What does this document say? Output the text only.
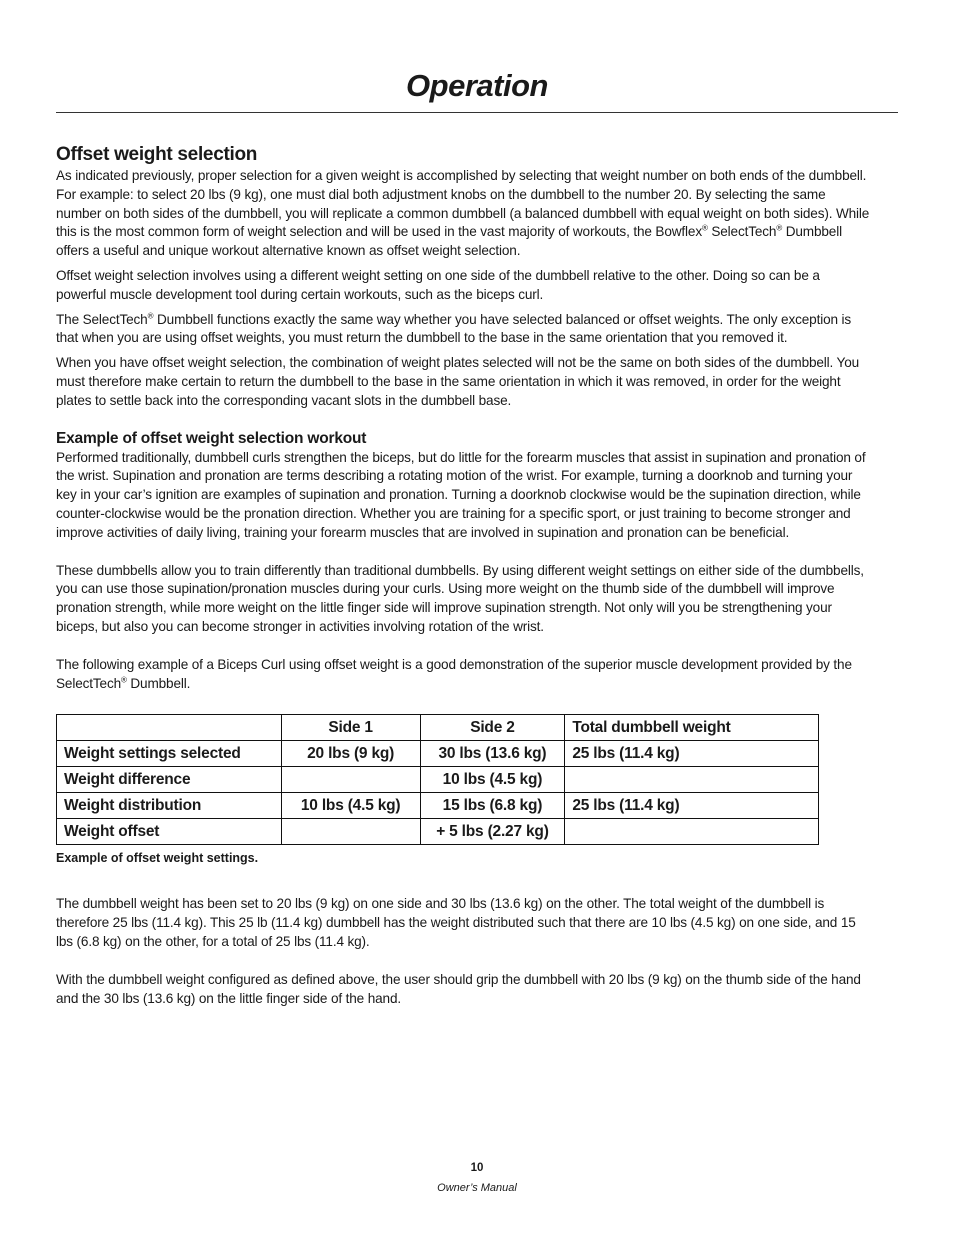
Operation
Offset weight selection

As indicated previously, proper selection for a given weight is accomplished by selecting that weight number on both ends of the dumbbell. For example: to select 20 lbs (9 kg), one must dial both adjustment knobs on the dumbbell to the number 20. By selecting the same number on both sides of the dumbbell, you will replicate a common dumbbell (a balanced dumbbell with equal weight on both sides). While this is the most common form of weight selection and will be used in the vast majority of workouts, the Bowflex® SelectTech® Dumbbell offers a useful and unique workout alternative known as offset weight selection.

Offset weight selection involves using a different weight setting on one side of the dumbbell relative to the other. Doing so can be a powerful muscle development tool during certain workouts, such as the biceps curl.

The SelectTech® Dumbbell functions exactly the same way whether you have selected balanced or offset weights. The only exception is that when you are using offset weights, you must return the dumbbell to the base in the same orientation that you removed it.

When you have offset weight selection, the combination of weight plates selected will not be the same on both sides of the dumbbell. You must therefore make certain to return the dumbbell to the base in the same orientation in which it was removed, in order for the weight plates to settle back into the corresponding vacant slots in the dumbbell base.

Example of offset weight selection workout

Performed traditionally, dumbbell curls strengthen the biceps, but do little for the forearm muscles that assist in supination and pronation of the wrist. Supination and pronation are terms describing a rotating motion of the wrist. For example, turning a doorknob and turning your key in your car’s ignition are examples of supination and pronation. Turning a doorknob clockwise would be the supination direction, while counter-clockwise would be the pronation direction. Whether you are training for a specific sport, or just training to become stronger and improve activities of daily living, training your forearm muscles that are involved in supination and pronation can be beneficial.

These dumbbells allow you to train differently than traditional dumbbells. By using different weight settings on either side of the dumbbells, you can use those supination/pronation muscles during your curls. Using more weight on the thumb side of the dumbbell will improve pronation strength, while more weight on the little finger side will improve supination strength. Not only will you be strengthening your biceps, but also you can become stronger in activities involving rotation of the wrist.

The following example of a Biceps Curl using offset weight is a good demonstration of the superior muscle development provided by the SelectTech® Dumbbell.

	Side 1	Side 2	Total dumbbell weight
Weight settings selected	20 lbs (9 kg)	30 lbs (13.6 kg)	25 lbs (11.4 kg)
Weight difference		10 lbs (4.5 kg)	
Weight distribution	10 lbs (4.5 kg)	15 lbs (6.8 kg)	25 lbs (11.4 kg)
Weight offset		+ 5 lbs (2.27 kg)	
Example of offset weight settings.

The dumbbell weight has been set to 20 lbs (9 kg) on one side and 30 lbs (13.6 kg) on the other. The total weight of the dumbbell is therefore 25 lbs (11.4 kg). This 25 lb (11.4 kg) dumbbell has the weight distributed such that there are 10 lbs (4.5 kg) on one side, and 15 lbs (6.8 kg) on the other, for a total of 25 lbs (11.4 kg).

With the dumbbell weight configured as defined above, the user should grip the dumbbell with 20 lbs (9 kg) on the thumb side of the hand and the 30 lbs (13.6 kg) on the little finger side of the hand.

10
Owner’s Manual
